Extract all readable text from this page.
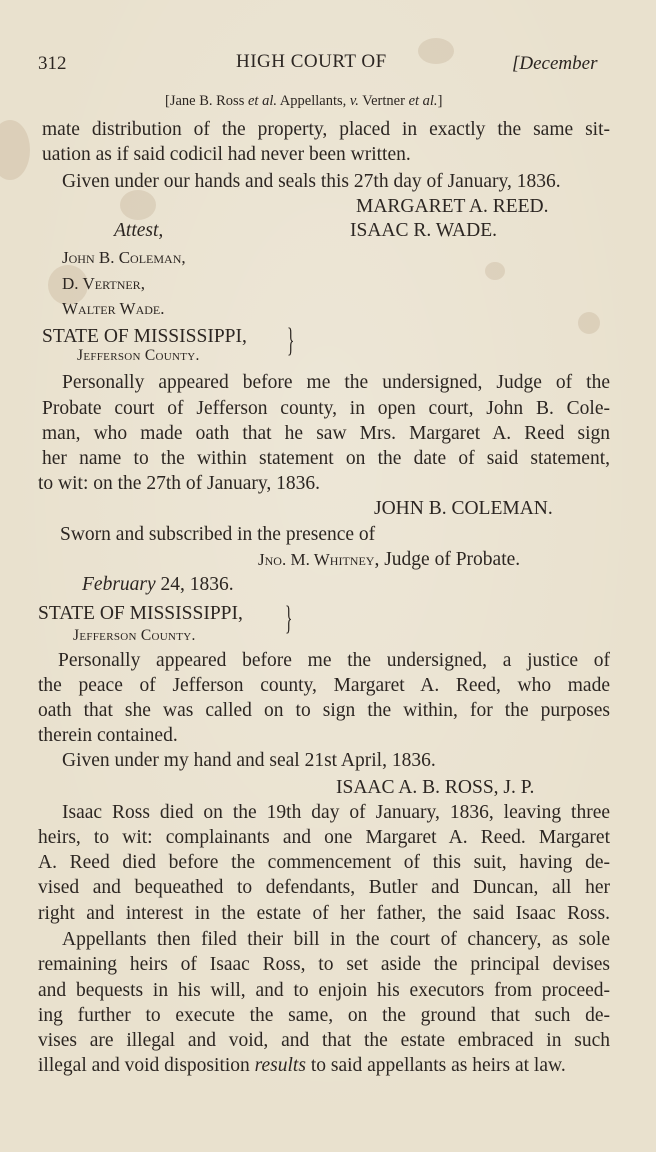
312	HIGH COURT OF	[December
[Jane B. Ross et al. Appellants, v. Vertner et al.]
mate distribution of the property, placed in exactly the same sit-
uation as if said codicil had never been written.
Given under our hands and seals this 27th day of January, 1836.
MARGARET A. REED.
Attest,	ISAAC R. WADE.
John B. Coleman,
D. Vertner,
Walter Wade.
STATE OF MISSISSIPPI, }
Jefferson County.
Personally appeared before me the undersigned, Judge of the
Probate court of Jefferson county, in open court, John B. Cole-
man, who made oath that he saw Mrs. Margaret A. Reed sign
her name to the within statement on the date of said statement,
to wit: on the 27th of January, 1836.
JOHN B. COLEMAN.
Sworn and subscribed in the presence of
Jno. M. Whitney, Judge of Probate.
February 24, 1836.
STATE OF MISSISSIPPI, }
Jefferson County.
Personally appeared before me the undersigned, a justice of
the peace of Jefferson county, Margaret A. Reed, who made
oath that she was called on to sign the within, for the purposes
therein contained.
Given under my hand and seal 21st April, 1836.
ISAAC A. B. ROSS, J. P.
Isaac Ross died on the 19th day of January, 1836, leaving three
heirs, to wit: complainants and one Margaret A. Reed. Margaret
A. Reed died before the commencement of this suit, having de-
vised and bequeathed to defendants, Butler and Duncan, all her
right and interest in the estate of her father, the said Isaac Ross.
Appellants then filed their bill in the court of chancery, as sole
remaining heirs of Isaac Ross, to set aside the principal devises
and bequests in his will, and to enjoin his executors from proceed-
ing further to execute the same, on the ground that such de-
vises are illegal and void, and that the estate embraced in such
illegal and void disposition results to said appellants as heirs at law.
